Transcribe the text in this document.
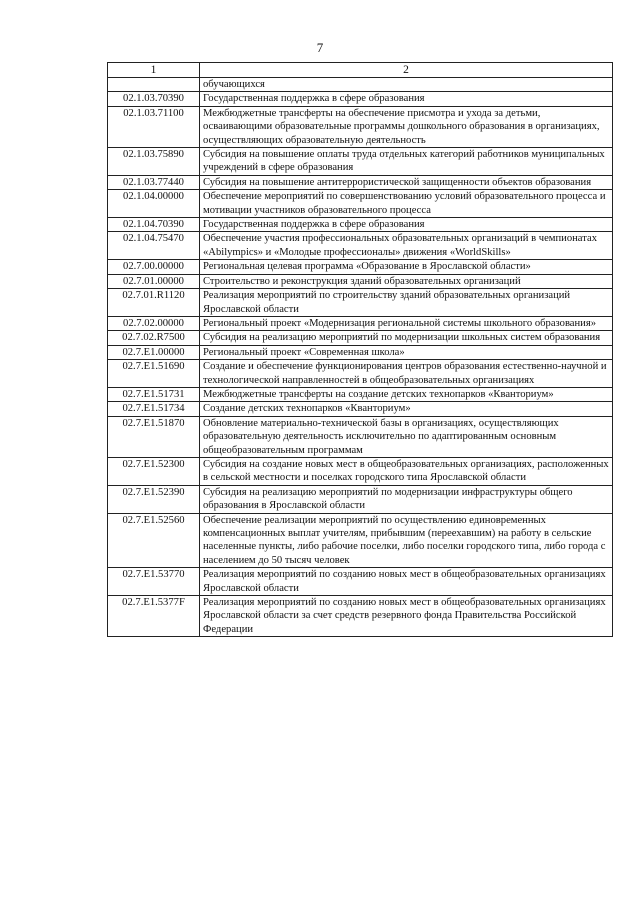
7
1	2
	обучающихся
02.1.03.70390	Государственная поддержка в сфере образования
02.1.03.71100	Межбюджетные трансферты на обеспечение присмотра и ухода за детьми, осваивающими образовательные программы дошкольного образования в организациях, осуществляющих образовательную деятельность
02.1.03.75890	Субсидия на повышение оплаты труда отдельных категорий работников муниципальных учреждений в сфере образования
02.1.03.77440	Субсидия на повышение антитеррористической защищенности объектов образования
02.1.04.00000	Обеспечение мероприятий по совершенствованию условий образовательного процесса и мотивации участников образовательного процесса
02.1.04.70390	Государственная поддержка в сфере образования
02.1.04.75470	Обеспечение участия профессиональных образовательных организаций в чемпионатах «Abilympics» и «Молодые профессионалы» движения «WorldSkills»
02.7.00.00000	Региональная целевая программа «Образование в Ярославской области»
02.7.01.00000	Строительство и реконструкция зданий образовательных организаций
02.7.01.R1120	Реализация мероприятий по строительству зданий образовательных организаций Ярославской области
02.7.02.00000	Региональный проект «Модернизация региональной системы школьного образования»
02.7.02.R7500	Субсидия на реализацию мероприятий по модернизации школьных систем образования
02.7.E1.00000	Региональный проект «Современная школа»
02.7.E1.51690	Создание и обеспечение функционирования центров образования естественно-научной и технологической направленностей в общеобразовательных организациях
02.7.E1.51731	Межбюджетные трансферты на создание детских технопарков «Кванториум»
02.7.E1.51734	Создание детских технопарков «Кванториум»
02.7.E1.51870	Обновление материально-технической базы в организациях, осуществляющих образовательную деятельность исключительно по адаптированным основным общеобразовательным программам
02.7.E1.52300	Субсидия на создание новых мест в общеобразовательных организациях, расположенных в сельской местности и поселках городского типа Ярославской области
02.7.E1.52390	Субсидия на реализацию мероприятий по модернизации инфраструктуры общего образования в Ярославской области
02.7.E1.52560	Обеспечение реализации мероприятий по осуществлению единовременных компенсационных выплат учителям, прибывшим (переехавшим) на работу в сельские населенные пункты, либо рабочие поселки, либо поселки городского типа, либо города с населением до 50 тысяч человек
02.7.E1.53770	Реализация мероприятий по созданию новых мест в общеобразовательных организациях Ярославской области
02.7.E1.5377F	Реализация мероприятий по созданию новых мест в общеобразовательных организациях Ярославской области за счет средств резервного фонда Правительства Российской Федерации
